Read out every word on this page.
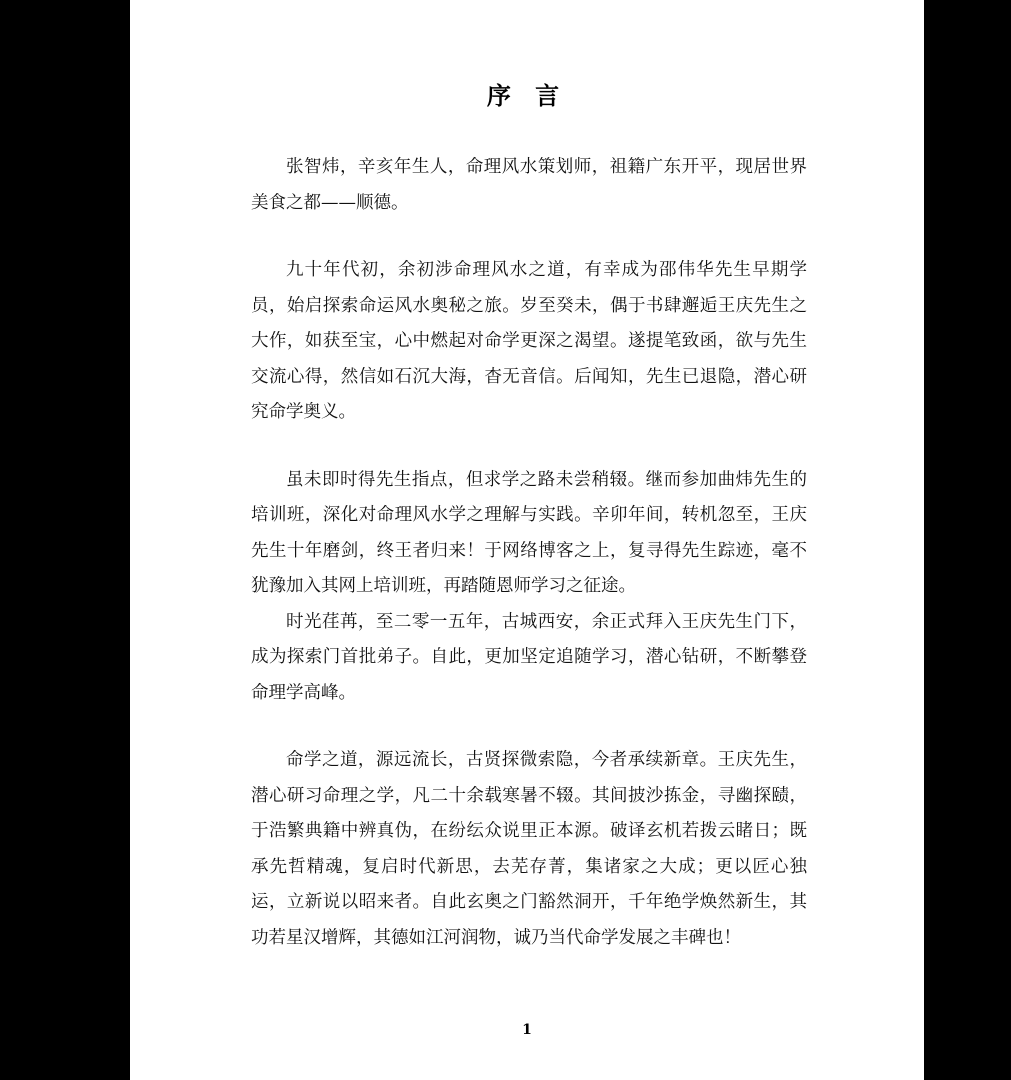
序 言

张智炜，辛亥年生人，命理风水策划师，祖籍广东开平，现居世界美食之都——顺德。

九十年代初，余初涉命理风水之道，有幸成为邵伟华先生早期学员，始启探索命运风水奥秘之旅。岁至癸未，偶于书肆邂逅王庆先生之大作，如获至宝，心中燃起对命学更深之渴望。遂提笔致函，欲与先生交流心得，然信如石沉大海，杳无音信。后闻知，先生已退隐，潜心研究命学奥义。

虽未即时得先生指点，但求学之路未尝稍辍。继而参加曲炜先生的培训班，深化对命理风水学之理解与实践。辛卯年间，转机忽至，王庆先生十年磨剑，终王者归来！于网络博客之上，复寻得先生踪迹，毫不犹豫加入其网上培训班，再踏随恩师学习之征途。

时光荏苒，至二零一五年，古城西安，余正式拜入王庆先生门下，成为探索门首批弟子。自此，更加坚定追随学习，潜心钻研，不断攀登命理学高峰。

命学之道，源远流长，古贤探微索隐，今者承续新章。王庆先生，潜心研习命理之学，凡二十余载寒暑不辍。其间披沙拣金，寻幽探赜，于浩繁典籍中辨真伪，在纷纭众说里正本源。破译玄机若拨云睹日；既承先哲精魂，复启时代新思，去芜存菁，集诸家之大成；更以匠心独运，立新说以昭来者。自此玄奥之门豁然洞开，千年绝学焕然新生，其功若星汉增辉，其德如江河润物，诚乃当代命学发展之丰碑也！

1
